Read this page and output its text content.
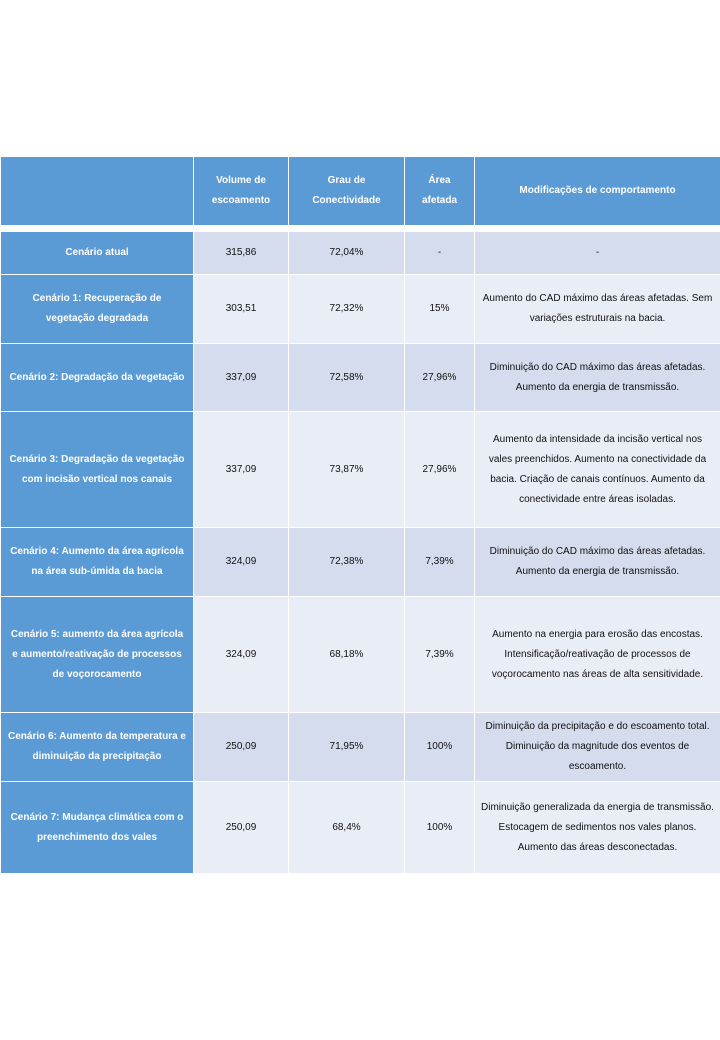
	Volume de escoamento	Grau de Conectividade	Área afetada	Modificações de comportamento

Cenário atual	315,86	72,04%	-	-
Cenário 1: Recuperação de vegetação degradada	303,51	72,32%	15%	Aumento do CAD máximo das áreas afetadas. Sem variações estruturais na bacia.
Cenário 2: Degradação da vegetação	337,09	72,58%	27,96%	Diminuição do CAD máximo das áreas afetadas. Aumento da energia de transmissão.
Cenário 3: Degradação da vegetação com incisão vertical nos canais	337,09	73,87%	27,96%	Aumento da intensidade da incisão vertical nos vales preenchidos. Aumento na conectividade da bacia. Criação de canais contínuos. Aumento da conectividade entre áreas isoladas.
Cenário 4: Aumento da área agrícola na área sub-úmida da bacia	324,09	72,38%	7,39%	Diminuição do CAD máximo das áreas afetadas. Aumento da energia de transmissão.
Cenário 5: aumento da área agrícola e aumento/reativação de processos de voçorocamento	324,09	68,18%	7,39%	Aumento na energia para erosão das encostas. Intensificação/reativação de processos de voçorocamento nas áreas de alta sensitividade.
Cenário 6: Aumento da temperatura e diminuição da precipitação	250,09	71,95%	100%	Diminuição da precipitação e do escoamento total. Diminuição da magnitude dos eventos de escoamento.
Cenário 7: Mudança climática com o preenchimento dos vales	250,09	68,4%	100%	Diminuição generalizada da energia de transmissão. Estocagem de sedimentos nos vales planos. Aumento das áreas desconectadas.
